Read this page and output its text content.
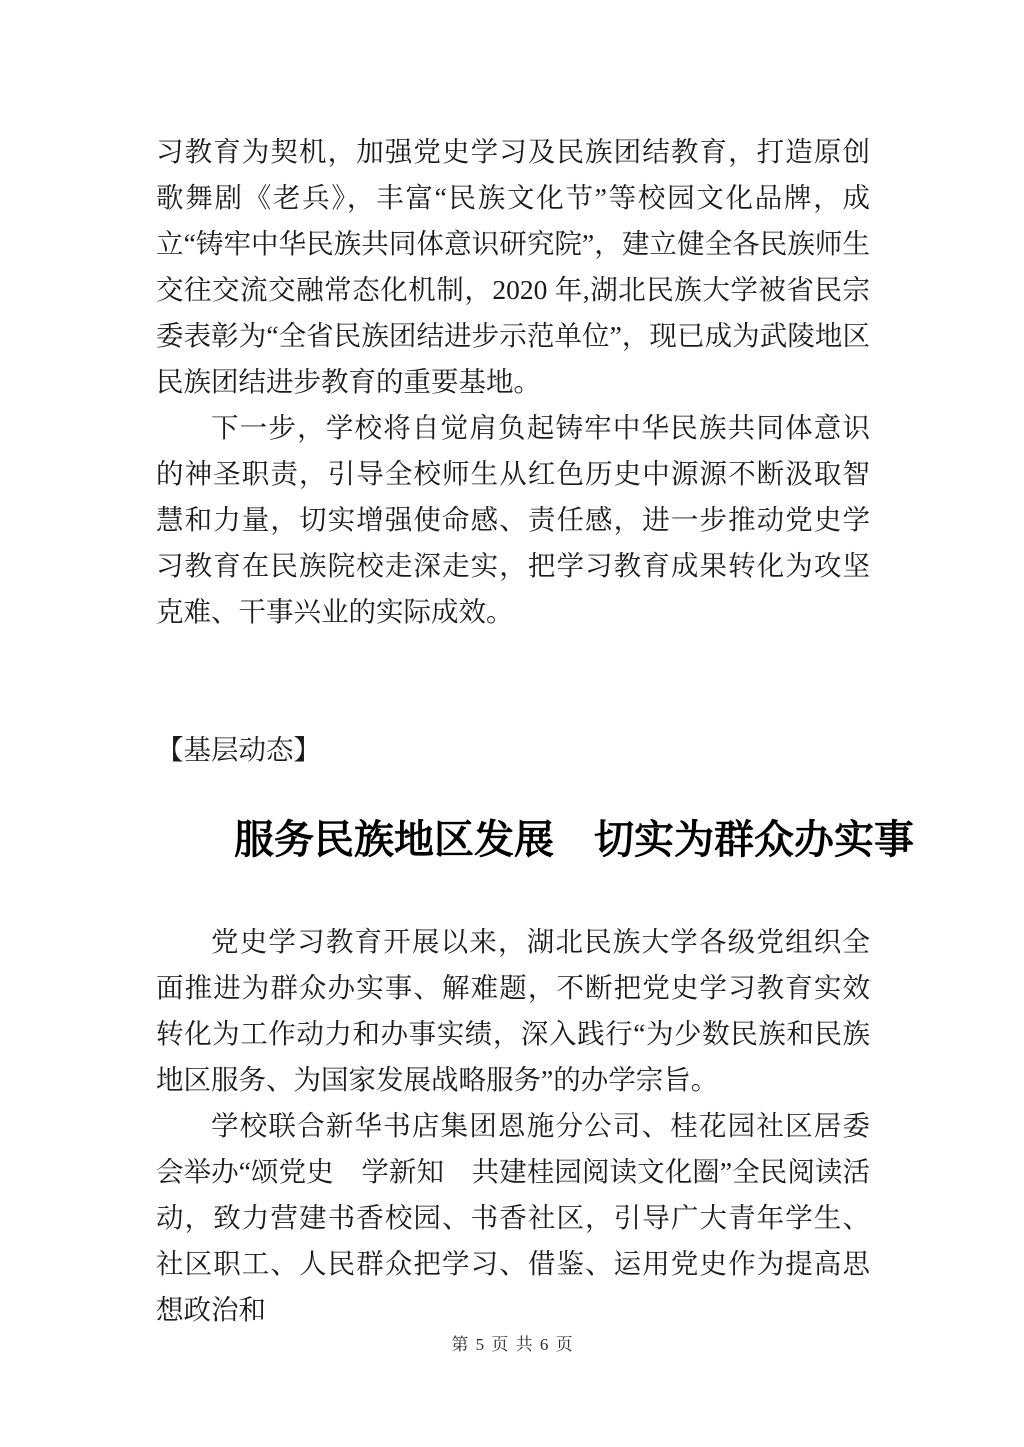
习教育为契机，加强党史学习及民族团结教育，打造原创歌舞剧《老兵》，丰富“民族文化节”等校园文化品牌，成立“铸牢中华民族共同体意识研究院”，建立健全各民族师生交往交流交融常态化机制，2020 年,湖北民族大学被省民宗委表彰为“全省民族团结进步示范单位”，现已成为武陵地区民族团结进步教育的重要基地。

下一步，学校将自觉肩负起铸牢中华民族共同体意识的神圣职责，引导全校师生从红色历史中源源不断汲取智慧和力量，切实增强使命感、责任感，进一步推动党史学习教育在民族院校走深走实，把学习教育成果转化为攻坚克难、干事兴业的实际成效。

【基层动态】

服务民族地区发展　切实为群众办实事

党史学习教育开展以来，湖北民族大学各级党组织全面推进为群众办实事、解难题，不断把党史学习教育实效转化为工作动力和办事实绩，深入践行“为少数民族和民族地区服务、为国家发展战略服务”的办学宗旨。

学校联合新华书店集团恩施分公司、桂花园社区居委会举办“颂党史　学新知　共建桂园阅读文化圈”全民阅读活动，致力营建书香校园、书香社区，引导广大青年学生、社区职工、人民群众把学习、借鉴、运用党史作为提高思想政治和

第 5 页 共 6 页
